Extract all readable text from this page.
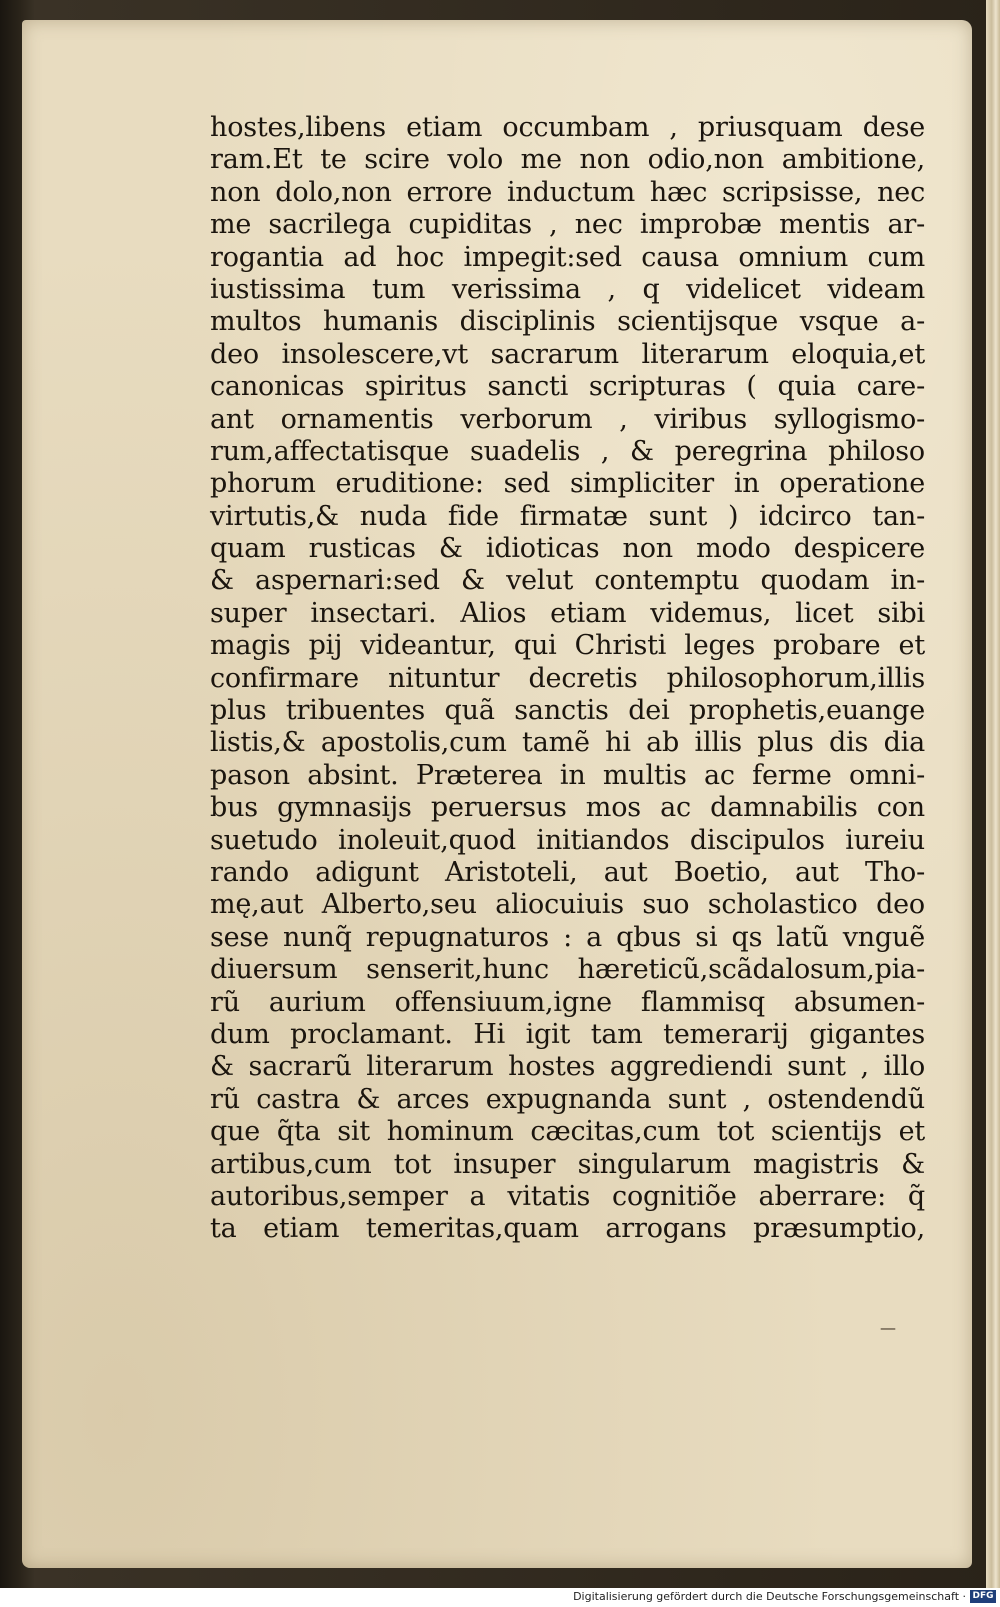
hostes,libens etiam occumbam , priusquam dese
ram.Et te scire volo me non odio,non ambitione,
non dolo,non errore inductum hæc scripsisse, nec
me sacrilega cupiditas , nec improbæ mentis ar-
rogantia ad hoc impegit:sed causa omnium cum
iustissima tum verissima , q videlicet videam
multos humanis disciplinis scientijsque vsque a-
deo insolescere,vt sacrarum literarum eloquia,et
canonicas spiritus sancti scripturas ( quia care-
ant ornamentis verborum , viribus syllogismo-
rum,affectatisque suadelis , & peregrina philoso
phorum eruditione: sed simpliciter in operatione
virtutis,& nuda fide firmatæ sunt ) idcirco tan-
quam rusticas & idioticas non modo despicere
& aspernari:sed & velut contemptu quodam in-
super insectari. Alios etiam videmus, licet sibi
magis pij videantur, qui Christi leges probare et
confirmare nituntur decretis philosophorum,illis
plus tribuentes quã sanctis dei prophetis,euange
listis,& apostolis,cum tamẽ hi ab illis plus dis dia
pason absint. Præterea in multis ac ferme omni-
bus gymnasijs peruersus mos ac damnabilis con
suetudo inoleuit,quod initiandos discipulos iureiu
rando adigunt Aristoteli, aut Boetio, aut Tho-
mę,aut Alberto,seu aliocuiuis suo scholastico deo
sese nunq̃ repugnaturos : a qbus si qs latũ vnguẽ
diuersum senserit,hunc hæreticũ,scãdalosum,pia-
rũ aurium offensiuum,igne flammisq absumen-
dum proclamant. Hi igit tam temerarij gigantes
& sacrarũ literarum hostes aggrediendi sunt , illo
rũ castra & arces expugnanda sunt , ostendendũ
que q̃ta sit hominum cæcitas,cum tot scientijs et
artibus,cum tot insuper singularum magistris &
autoribus,semper a vitatis cognitiõe aberrare: q̃
ta etiam temeritas,quam arrogans præsumptio,
—
Digitalisierung gefördert durch die Deutsche Forschungsgemeinschaft · DFG
